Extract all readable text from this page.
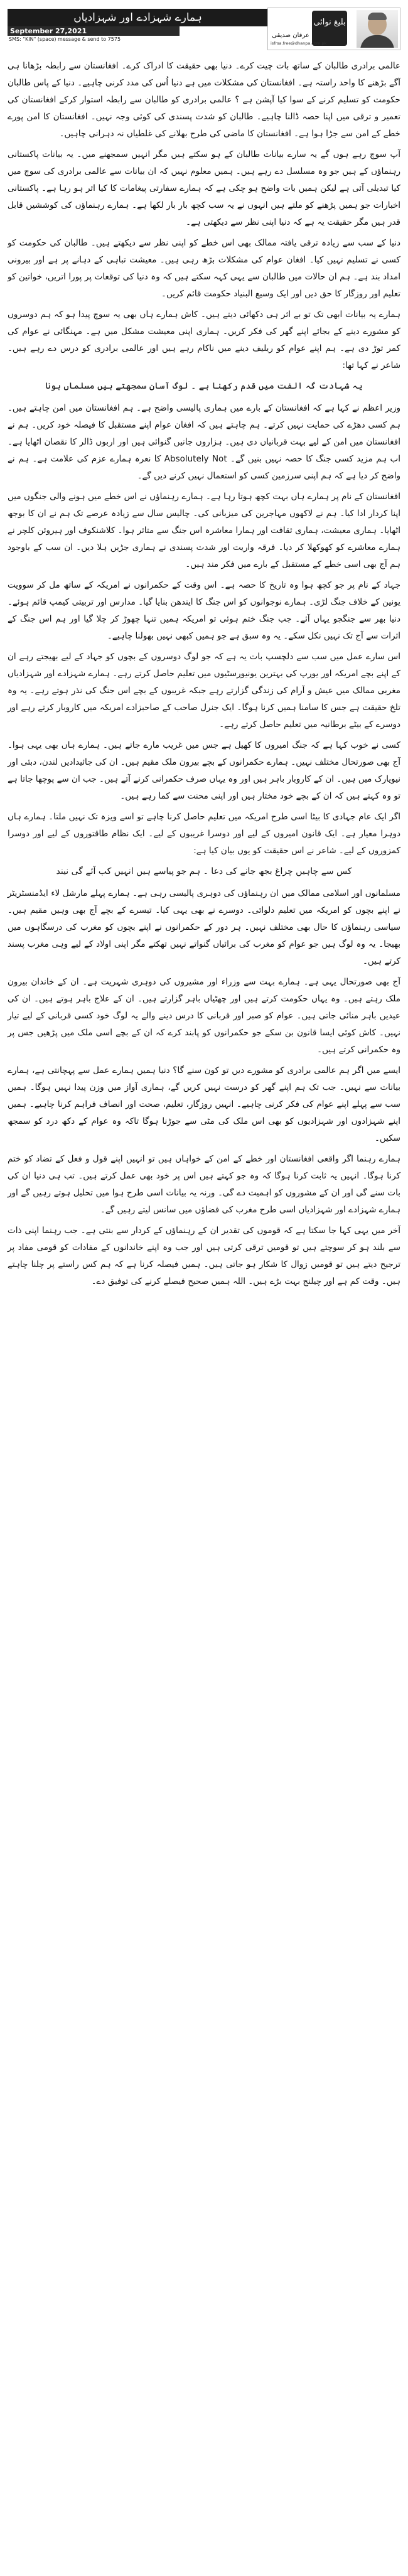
ہمارے شہزادے اور شہزادیاں
September 27,2021
SMS: "KIN" (space) message & send to 7575
بلیغ نوائی
عرفان صدیقی
isfrsa.free@dhanpa.com.pk

عالمی برادری طالبان کے ساتھ بات چیت کرے۔ دنیا بھی حقیقت کا ادراک کرے۔ افغانستان سے رابطہ بڑھانا ہی آگے بڑھنے کا واحد راستہ ہے۔ افغانستان کی مشکلات میں ہے دنیا اُس کی مدد کرنی چاہیے۔ دنیا کے پاس طالبان حکومت کو تسلیم کرنے کے سوا کیا آپشن ہے ؟ عالمی برادری کو طالبان سے رابطہ استوار کرکے افغانستان کی تعمیر و ترقی میں اپنا حصہ ڈالنا چاہیے۔ طالبان کو شدت پسندی کی کوئی وجہ نہیں۔ افغانستان کا امن پورے خطے کے امن سے جڑا ہوا ہے۔ افغانستان کا ماضی کی طرح بھلانے کی غلطیاں نہ دہرانی چاہیں۔

آپ سوچ رہے ہوں گے یہ سارے بیانات طالبان کے ہو سکتے ہیں مگر انہیں سمجھنے میں۔ یہ بیانات پاکستانی رہنماؤں کے ہیں جو وہ مسلسل دے رہے ہیں۔ ہمیں معلوم نہیں کہ ان بیانات سے عالمی برادری کی سوچ میں کیا تبدیلی آئی ہے لیکن ہمیں بات واضح ہو چکی ہے کہ ہمارے سفارتی پیغامات کا کیا اثر ہو رہا ہے۔ پاکستانی اخبارات جو ہمیں پڑھنے کو ملتے ہیں انہوں نے یہ سب کچھ بار بار لکھا ہے۔ ہمارے رہنماؤں کی کوششیں قابل قدر ہیں مگر حقیقت یہ ہے کہ دنیا اپنی نظر سے دیکھتی ہے۔

دنیا کے سب سے زیادہ ترقی یافتہ ممالک بھی اس خطے کو اپنی نظر سے دیکھتے ہیں۔ طالبان کی حکومت کو کسی نے تسلیم نہیں کیا۔ افغان عوام کی مشکلات بڑھ رہی ہیں۔ معیشت تباہی کے دہانے پر ہے اور بیرونی امداد بند ہے۔ ہم ان حالات میں طالبان سے یہی کہہ سکتے ہیں کہ وہ دنیا کی توقعات پر پورا اتریں، خواتین کو تعلیم اور روزگار کا حق دیں اور ایک وسیع البنیاد حکومت قائم کریں۔

ہمارے یہ بیانات ابھی تک تو بے اثر ہی دکھائی دیتے ہیں۔ کاش ہمارے ہاں بھی یہ سوچ پیدا ہو کہ ہم دوسروں کو مشورے دینے کے بجائے اپنے گھر کی فکر کریں۔ ہماری اپنی معیشت مشکل میں ہے۔ مہنگائی نے عوام کی کمر توڑ دی ہے۔ ہم اپنے عوام کو ریلیف دینے میں ناکام رہے ہیں اور عالمی برادری کو درس دے رہے ہیں۔ شاعر نے کہا تھا:

یہ شہادت گہ الفت میں قدم رکھنا ہے ۔ لوگ آسان سمجھتے ہیں مسلماں ہونا

وزیر اعظم نے کہا ہے کہ افغانستان کے بارے میں ہماری پالیسی واضح ہے۔ ہم افغانستان میں امن چاہتے ہیں۔ ہم کسی دھڑے کی حمایت نہیں کرتے۔ ہم چاہتے ہیں کہ افغان عوام اپنے مستقبل کا فیصلہ خود کریں۔ ہم نے افغانستان میں امن کے لیے بہت قربانیاں دی ہیں۔ ہزاروں جانیں گنوائی ہیں اور اربوں ڈالر کا نقصان اٹھایا ہے۔ اب ہم مزید کسی جنگ کا حصہ نہیں بنیں گے۔ Absolutely Not کا نعرہ ہمارے عزم کی علامت ہے۔ ہم نے واضح کر دیا ہے کہ ہم اپنی سرزمین کسی کو استعمال نہیں کرنے دیں گے۔

افغانستان کے نام پر ہمارے ہاں بہت کچھ ہوتا رہا ہے۔ ہمارے رہنماؤں نے اس خطے میں ہونے والی جنگوں میں اپنا کردار ادا کیا۔ ہم نے لاکھوں مہاجرین کی میزبانی کی۔ چالیس سال سے زیادہ عرصے تک ہم نے ان کا بوجھ اٹھایا۔ ہماری معیشت، ہماری ثقافت اور ہمارا معاشرہ اس جنگ سے متاثر ہوا۔ کلاشنکوف اور ہیروئن کلچر نے ہمارے معاشرے کو کھوکھلا کر دیا۔ فرقہ واریت اور شدت پسندی نے ہماری جڑیں ہلا دیں۔ ان سب کے باوجود ہم آج بھی اسی خطے کے مستقبل کے بارے میں فکر مند ہیں۔

جہاد کے نام پر جو کچھ ہوا وہ تاریخ کا حصہ ہے۔ اس وقت کے حکمرانوں نے امریکہ کے ساتھ مل کر سوویت یونین کے خلاف جنگ لڑی۔ ہمارے نوجوانوں کو اس جنگ کا ایندھن بنایا گیا۔ مدارس اور تربیتی کیمپ قائم ہوئے۔ دنیا بھر سے جنگجو یہاں آئے۔ جب جنگ ختم ہوئی تو امریکہ ہمیں تنہا چھوڑ کر چلا گیا اور ہم اس جنگ کے اثرات سے آج تک نہیں نکل سکے۔ یہ وہ سبق ہے جو ہمیں کبھی نہیں بھولنا چاہیے۔

اس سارے عمل میں سب سے دلچسپ بات یہ ہے کہ جو لوگ دوسروں کے بچوں کو جہاد کے لیے بھیجتے رہے ان کے اپنے بچے امریکہ اور یورپ کی بہترین یونیورسٹیوں میں تعلیم حاصل کرتے رہے۔ ہمارے شہزادے اور شہزادیاں مغربی ممالک میں عیش و آرام کی زندگی گزارتے رہے جبکہ غریبوں کے بچے اس جنگ کی نذر ہوتے رہے۔ یہ وہ تلخ حقیقت ہے جس کا سامنا ہمیں کرنا ہوگا۔ ایک جنرل صاحب کے صاحبزادے امریکہ میں کاروبار کرتے رہے اور دوسرے کے بیٹے برطانیہ میں تعلیم حاصل کرتے رہے۔

کسی نے خوب کہا ہے کہ جنگ امیروں کا کھیل ہے جس میں غریب مارے جاتے ہیں۔ ہمارے ہاں بھی یہی ہوا۔ آج بھی صورتحال مختلف نہیں۔ ہمارے حکمرانوں کے بچے بیرون ملک مقیم ہیں۔ ان کی جائیدادیں لندن، دبئی اور نیویارک میں ہیں۔ ان کے کاروبار باہر ہیں اور وہ یہاں صرف حکمرانی کرنے آتے ہیں۔ جب ان سے پوچھا جاتا ہے تو وہ کہتے ہیں کہ ان کے بچے خود مختار ہیں اور اپنی محنت سے کما رہے ہیں۔

اگر ایک عام جہادی کا بیٹا اسی طرح امریکہ میں تعلیم حاصل کرنا چاہے تو اسے ویزہ تک نہیں ملتا۔ ہمارے ہاں دوہرا معیار ہے۔ ایک قانون امیروں کے لیے اور دوسرا غریبوں کے لیے۔ ایک نظام طاقتوروں کے لیے اور دوسرا کمزوروں کے لیے۔ شاعر نے اس حقیقت کو یوں بیان کیا ہے:

کس سے چاہیں چراغ بجھ جانے کی دعا ۔ ہم جو پیاسے ہیں انہیں کب آئے گی نیند

مسلمانوں اور اسلامی ممالک میں ان رہنماؤں کی دوہری پالیسی رہی ہے۔ ہمارے پہلے مارشل لاء ایڈمنسٹریٹر نے اپنے بچوں کو امریکہ میں تعلیم دلوائی۔ دوسرے نے بھی یہی کیا۔ تیسرے کے بچے آج بھی وہیں مقیم ہیں۔ سیاسی رہنماؤں کا حال بھی مختلف نہیں۔ ہر دور کے حکمرانوں نے اپنے بچوں کو مغرب کی درسگاہوں میں بھیجا۔ یہ وہ لوگ ہیں جو عوام کو مغرب کی برائیاں گنواتے نہیں تھکتے مگر اپنی اولاد کے لیے وہی مغرب پسند کرتے ہیں۔

آج بھی صورتحال یہی ہے۔ ہمارے بہت سے وزراء اور مشیروں کی دوہری شہریت ہے۔ ان کے خاندان بیرون ملک رہتے ہیں۔ وہ یہاں حکومت کرتے ہیں اور چھٹیاں باہر گزارتے ہیں۔ ان کے علاج باہر ہوتے ہیں۔ ان کی عیدیں باہر منائی جاتی ہیں۔ عوام کو صبر اور قربانی کا درس دینے والے یہ لوگ خود کسی قربانی کے لیے تیار نہیں۔ کاش کوئی ایسا قانون بن سکے جو حکمرانوں کو پابند کرے کہ ان کے بچے اسی ملک میں پڑھیں جس پر وہ حکمرانی کرتے ہیں۔

ایسے میں اگر ہم عالمی برادری کو مشورے دیں تو کون سنے گا؟ دنیا ہمیں ہمارے عمل سے پہچانتی ہے، ہمارے بیانات سے نہیں۔ جب تک ہم اپنے گھر کو درست نہیں کریں گے، ہماری آواز میں وزن پیدا نہیں ہوگا۔ ہمیں سب سے پہلے اپنے عوام کی فکر کرنی چاہیے۔ انہیں روزگار، تعلیم، صحت اور انصاف فراہم کرنا چاہیے۔ ہمیں اپنے شہزادوں اور شہزادیوں کو بھی اس ملک کی مٹی سے جوڑنا ہوگا تاکہ وہ عوام کے دکھ درد کو سمجھ سکیں۔

ہمارے رہنما اگر واقعی افغانستان اور خطے کے امن کے خواہاں ہیں تو انہیں اپنے قول و فعل کے تضاد کو ختم کرنا ہوگا۔ انہیں یہ ثابت کرنا ہوگا کہ وہ جو کہتے ہیں اس پر خود بھی عمل کرتے ہیں۔ تب ہی دنیا ان کی بات سنے گی اور ان کے مشوروں کو اہمیت دے گی۔ ورنہ یہ بیانات اسی طرح ہوا میں تحلیل ہوتے رہیں گے اور ہمارے شہزادے اور شہزادیاں اسی طرح مغرب کی فضاؤں میں سانس لیتے رہیں گے۔

آخر میں یہی کہا جا سکتا ہے کہ قوموں کی تقدیر ان کے رہنماؤں کے کردار سے بنتی ہے۔ جب رہنما اپنی ذات سے بلند ہو کر سوچتے ہیں تو قومیں ترقی کرتی ہیں اور جب وہ اپنے خاندانوں کے مفادات کو قومی مفاد پر ترجیح دیتے ہیں تو قومیں زوال کا شکار ہو جاتی ہیں۔ ہمیں فیصلہ کرنا ہے کہ ہم کس راستے پر چلنا چاہتے ہیں۔ وقت کم ہے اور چیلنج بہت بڑے ہیں۔ اللہ ہمیں صحیح فیصلے کرنے کی توفیق دے۔
